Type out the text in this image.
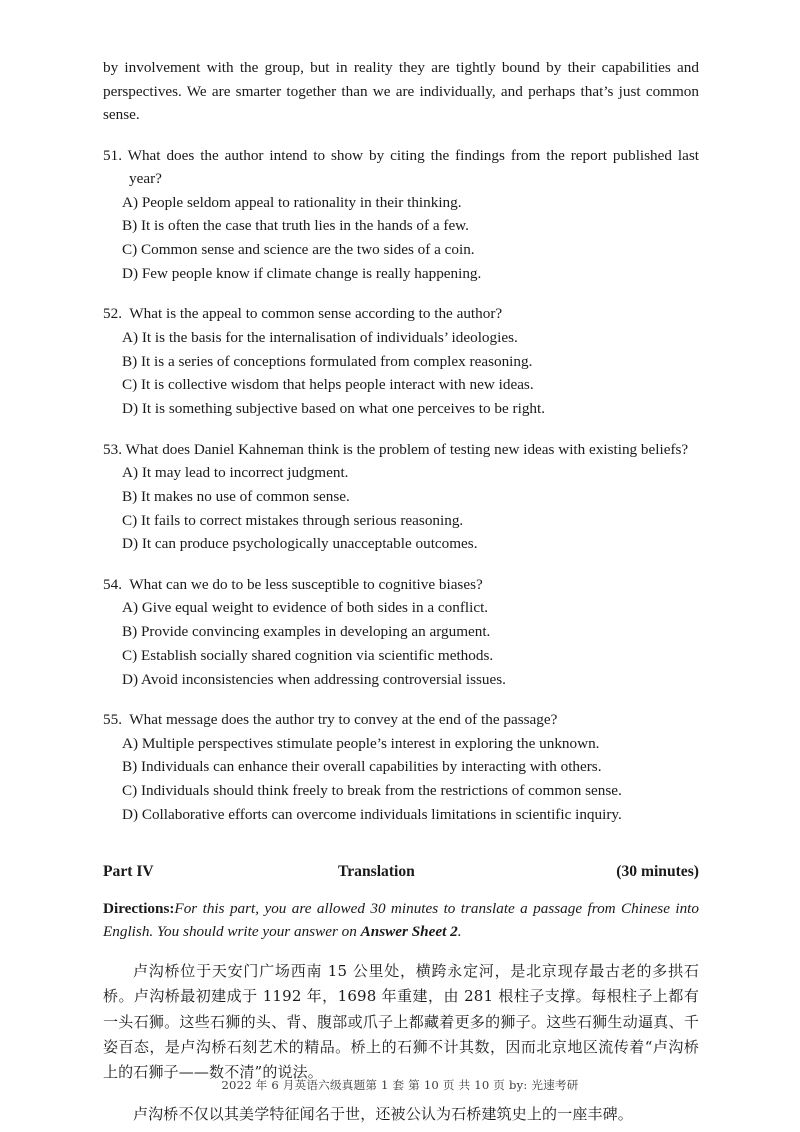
by involvement with the group, but in reality they are tightly bound by their capabilities and perspectives. We are smarter together than we are individually, and perhaps that’s just common sense.

51. What does the author intend to show by citing the findings from the report published last year?

A) People seldom appeal to rationality in their thinking.

B) It is often the case that truth lies in the hands of a few.

C) Common sense and science are the two sides of a coin.

D) Few people know if climate change is really happening.

52.  What is the appeal to common sense according to the author?

A) It is the basis for the internalisation of individuals’ ideologies.

B) It is a series of conceptions formulated from complex reasoning.

C) It is collective wisdom that helps people interact with new ideas.

D) It is something subjective based on what one perceives to be right.

53. What does Daniel Kahneman think is the problem of testing new ideas with existing beliefs?

A) It may lead to incorrect judgment.

B) It makes no use of common sense.

C) It fails to correct mistakes through serious reasoning.

D) It can produce psychologically unacceptable outcomes.

54.  What can we do to be less susceptible to cognitive biases?

A) Give equal weight to evidence of both sides in a conflict.

B) Provide convincing examples in developing an argument.

C) Establish socially shared cognition via scientific methods.

D) Avoid inconsistencies when addressing controversial issues.

55.  What message does the author try to convey at the end of the passage?

A) Multiple perspectives stimulate people’s interest in exploring the unknown.

B) Individuals can enhance their overall capabilities by interacting with others.

C) Individuals should think freely to break from the restrictions of common sense.

D) Collaborative efforts can overcome individuals limitations in scientific inquiry.

Part IV	Translation	(30 minutes)

Directions:For this part, you are allowed 30 minutes to translate a passage from Chinese into English. You should write your answer on Answer Sheet 2.

卢沟桥位于天安门广场西南 15 公里处，横跨永定河，是北京现存最古老的多拱石桥。卢沟桥最初建成于 1192 年，1698 年重建，由 281 根柱子支撑。每根柱子上都有一头石狮。这些石狮的头、背、腹部或爪子上都藏着更多的狮子。这些石狮生动逼真、千姿百态，是卢沟桥石刻艺术的精品。桥上的石狮不计其数，因而北京地区流传着“卢沟桥上的石狮子——数不清”的说法。

卢沟桥不仅以其美学特征闻名于世，还被公认为石桥建筑史上的一座丰碑。

2022 年 6 月英语六级真题第 1 套 第 10 页 共 10 页 by: 光速考研
